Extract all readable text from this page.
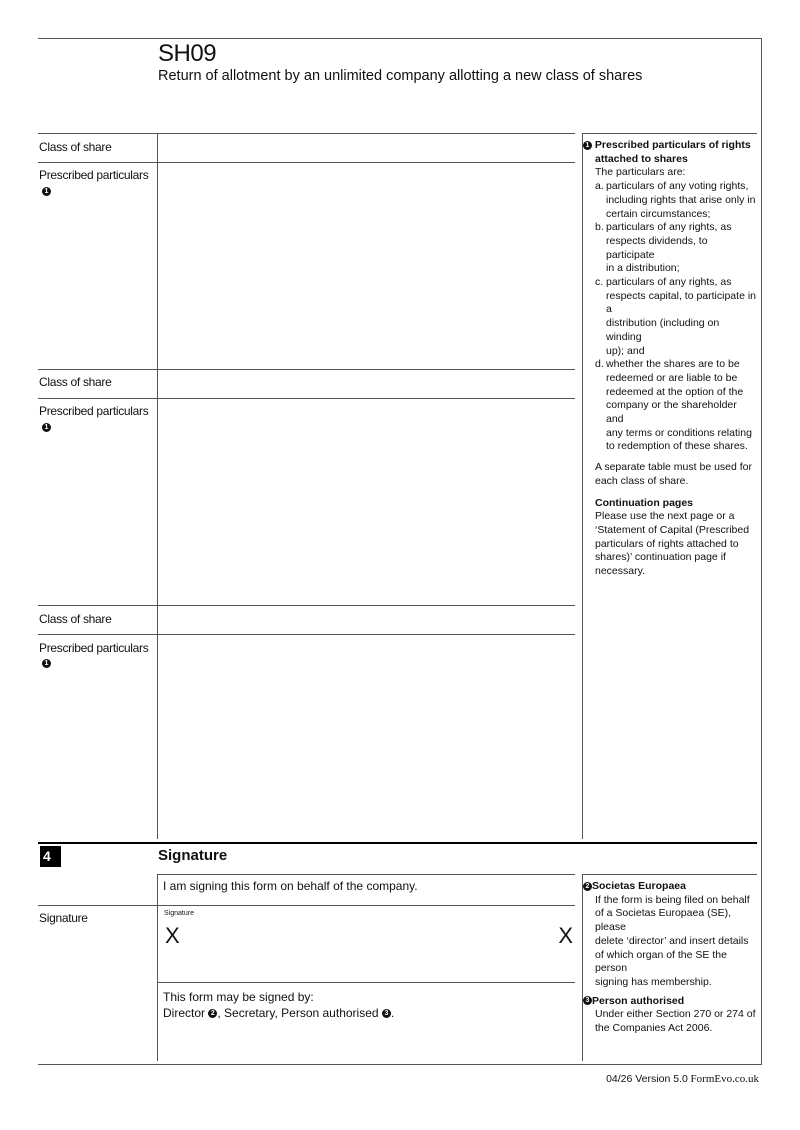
SH09
Return of allotment by an unlimited company allotting a new class of shares
Class of share
Prescribed particulars
1
Class of share
Prescribed particulars
1
Class of share
Prescribed particulars
1
1 Prescribed particulars of rights
attached to shares
The particulars are:
a. particulars of any voting rights,
including rights that arise only in
certain circumstances;
b. particulars of any rights, as
respects dividends, to participate
in a distribution;
c. particulars of any rights, as
respects capital, to participate in a
distribution (including on winding
up); and
d. whether the shares are to be
redeemed or are liable to be
redeemed at the option of the
company or the shareholder and
any terms or conditions relating
to redemption of these shares.
A separate table must be used for
each class of share.
Continuation pages
Please use the next page or a
‘Statement of Capital (Prescribed
particulars of rights attached to
shares)’ continuation page if
necessary.
4	Signature
I am signing this form on behalf of the company.
Signature	Signature
X	X
This form may be signed by:
Director 2 , Secretary, Person authorised 3 .
2 Societas Europaea
If the form is being filed on behalf
of a Societas Europaea (SE), please
delete ‘director’ and insert details
of which organ of the SE the person
signing has membership.
3 Person authorised
Under either Section 270 or 274 of
the Companies Act 2006.
04/26 Version 5.0 FormEvo.co.uk
